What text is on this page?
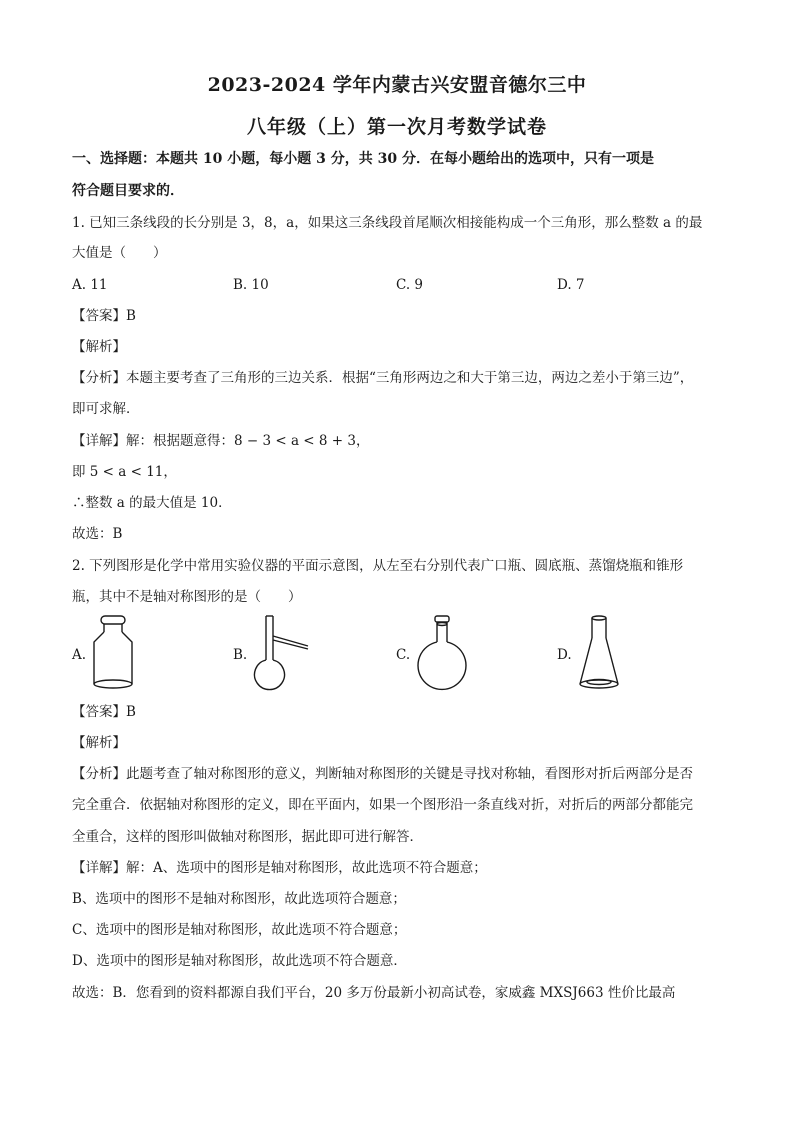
2023-2024 学年内蒙古兴安盟音德尔三中
八年级（上）第一次月考数学试卷
一、选择题：本题共 10 小题，每小题 3 分，共 30 分．在每小题给出的选项中，只有一项是
符合题目要求的．
1. 已知三条线段的长分别是 3，8，a，如果这三条线段首尾顺次相接能构成一个三角形，那么整数 a 的最
大值是（　　）
A. 11	B. 10	C. 9	D. 7
【答案】B
【解析】
【分析】本题主要考查了三角形的三边关系．根据“三角形两边之和大于第三边，两边之差小于第三边”，
即可求解．
【详解】解：根据题意得：8 − 3 < a < 8 + 3，
即 5 < a < 11，
∴整数 a 的最大值是 10．
故选：B
2. 下列图形是化学中常用实验仪器的平面示意图，从左至右分别代表广口瓶、圆底瓶、蒸馏烧瓶和锥形
瓶，其中不是轴对称图形的是（　　）
A.	B.	C.	D.
【答案】B
【解析】
【分析】此题考查了轴对称图形的意义，判断轴对称图形的关键是寻找对称轴，看图形对折后两部分是否
完全重合．依据轴对称图形的定义，即在平面内，如果一个图形沿一条直线对折，对折后的两部分都能完
全重合，这样的图形叫做轴对称图形，据此即可进行解答．
【详解】解：A、选项中的图形是轴对称图形，故此选项不符合题意；
B、选项中的图形不是轴对称图形，故此选项符合题意；
C、选项中的图形是轴对称图形，故此选项不符合题意；
D、选项中的图形是轴对称图形，故此选项不符合题意．
故选：B．您看到的资料都源自我们平台，20 多万份最新小初高试卷，家威鑫 MXSJ663 性价比最高
